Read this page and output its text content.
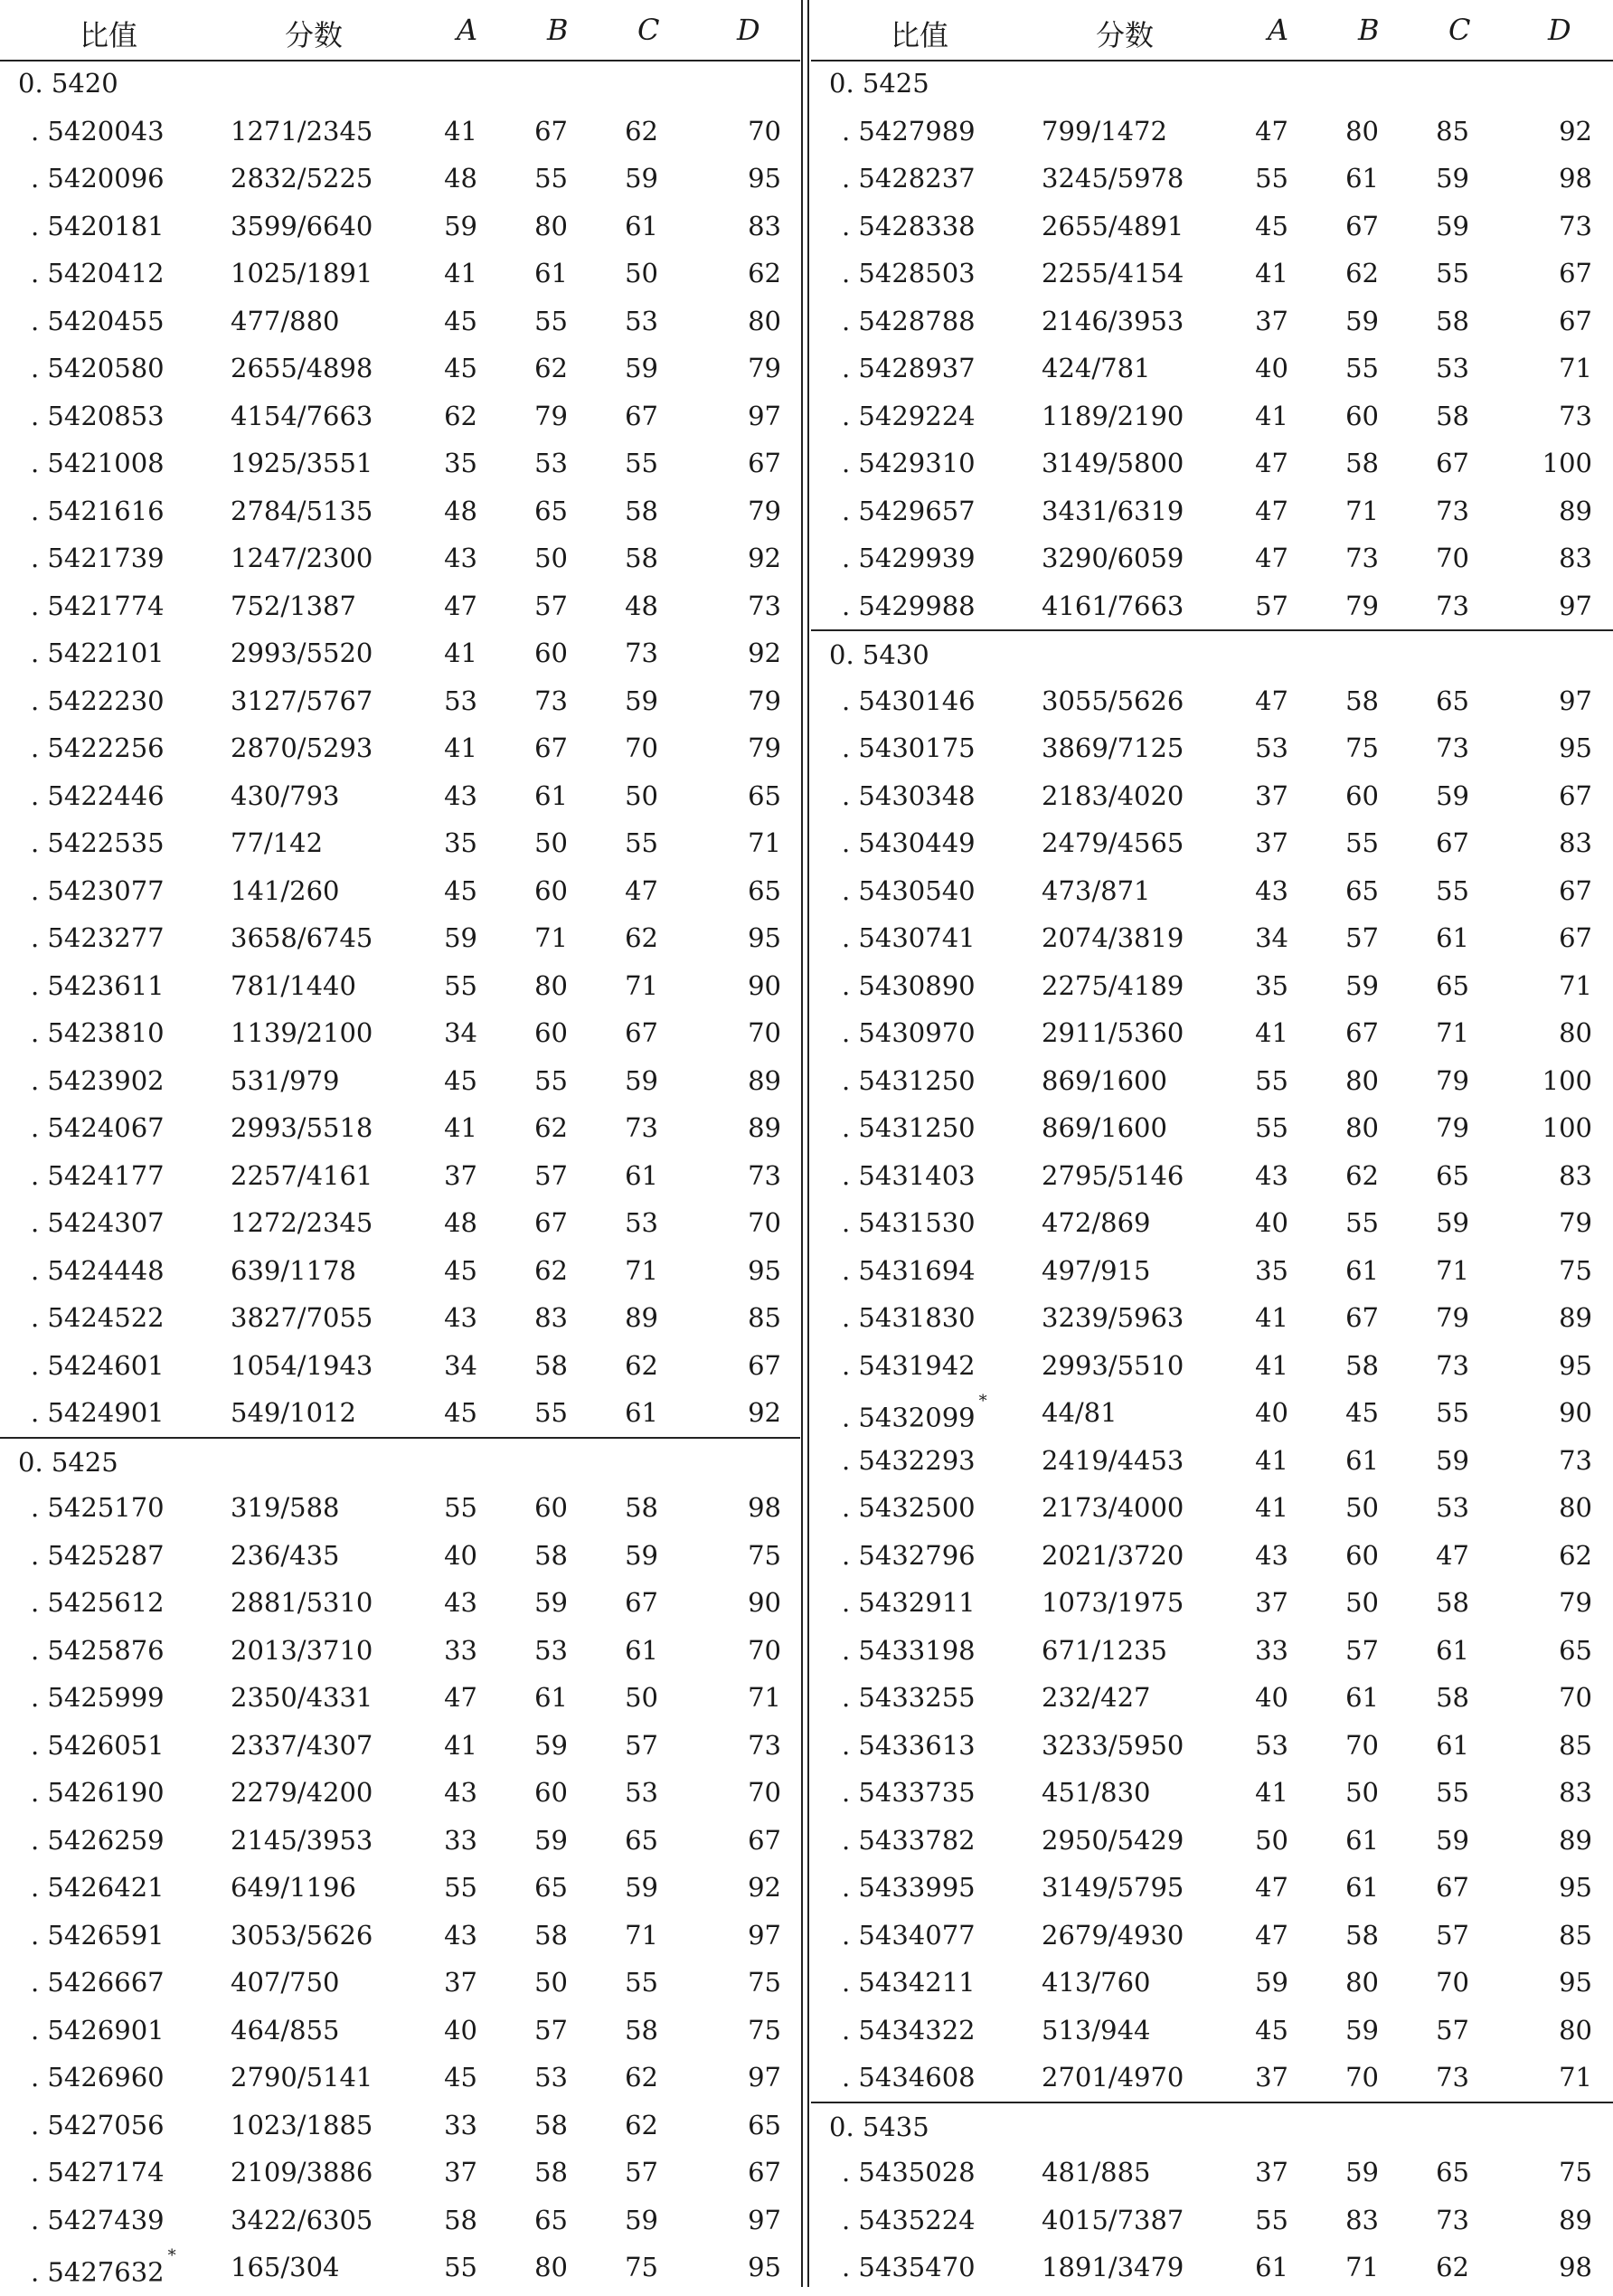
比值	分数	A B C	D
0. 5420
. 5420043	1271/2345	41	67	62	70
. 5420096	2832/5225	48	55	59	95
. 5420181	3599/6640	59	80	61	83
. 5420412	1025/1891	41	61	50	62
. 5420455	477/880	45	55	53	80
. 5420580	2655/4898	45	62	59	79
. 5420853	4154/7663	62	79	67	97
. 5421008	1925/3551	35	53	55	67
. 5421616	2784/5135	48	65	58	79
. 5421739	1247/2300	43	50	58	92
. 5421774	752/1387	47	57	48	73
. 5422101	2993/5520	41	60	73	92
. 5422230	3127/5767	53	73	59	79
. 5422256	2870/5293	41	67	70	79
. 5422446	430/793	43	61	50	65
. 5422535	77/142	35	50	55	71
. 5423077	141/260	45	60	47	65
. 5423277	3658/6745	59	71	62	95
. 5423611	781/1440	55	80	71	90
. 5423810	1139/2100	34	60	67	70
. 5423902	531/979	45	55	59	89
. 5424067	2993/5518	41	62	73	89
. 5424177	2257/4161	37	57	61	73
. 5424307	1272/2345	48	67	53	70
. 5424448	639/1178	45	62	71	95
. 5424522	3827/7055	43	83	89	85
. 5424601	1054/1943	34	58	62	67
. 5424901	549/1012	45	55	61	92
0. 5425
. 5425170	319/588	55	60	58	98
. 5425287	236/435	40	58	59	75
. 5425612	2881/5310	43	59	67	90
. 5425876	2013/3710	33	53	61	70
. 5425999	2350/4331	47	61	50	71
. 5426051	2337/4307	41	59	57	73
. 5426190	2279/4200	43	60	53	70
. 5426259	2145/3953	33	59	65	67
. 5426421	649/1196	55	65	59	92
. 5426591	3053/5626	43	58	71	97
. 5426667	407/750	37	50	55	75
. 5426901	464/855	40	57	58	75
. 5426960	2790/5141	45	53	62	97
. 5427056	1023/1885	33	58	62	65
. 5427174	2109/3886	37	58	57	67
. 5427439	3422/6305	58	65	59	97
. 5427632*	165/304	55	80	75	95
比值	分数	A B C	D
0. 5425
. 5427989	799/1472	47	80	85	92
. 5428237	3245/5978	55	61	59	98
. 5428338	2655/4891	45	67	59	73
. 5428503	2255/4154	41	62	55	67
. 5428788	2146/3953	37	59	58	67
. 5428937	424/781	40	55	53	71
. 5429224	1189/2190	41	60	58	73
. 5429310	3149/5800	47	58	67	100
. 5429657	3431/6319	47	71	73	89
. 5429939	3290/6059	47	73	70	83
. 5429988	4161/7663	57	79	73	97
0. 5430
. 5430146	3055/5626	47	58	65	97
. 5430175	3869/7125	53	75	73	95
. 5430348	2183/4020	37	60	59	67
. 5430449	2479/4565	37	55	67	83
. 5430540	473/871	43	65	55	67
. 5430741	2074/3819	34	57	61	67
. 5430890	2275/4189	35	59	65	71
. 5430970	2911/5360	41	67	71	80
. 5431250	869/1600	55	80	79	100
. 5431250	869/1600	55	80	79	100
. 5431403	2795/5146	43	62	65	83
. 5431530	472/869	40	55	59	79
. 5431694	497/915	35	61	71	75
. 5431830	3239/5963	41	67	79	89
. 5431942	2993/5510	41	58	73	95
. 5432099*	44/81	40	45	55	90
. 5432293	2419/4453	41	61	59	73
. 5432500	2173/4000	41	50	53	80
. 5432796	2021/3720	43	60	47	62
. 5432911	1073/1975	37	50	58	79
. 5433198	671/1235	33	57	61	65
. 5433255	232/427	40	61	58	70
. 5433613	3233/5950	53	70	61	85
. 5433735	451/830	41	50	55	83
. 5433782	2950/5429	50	61	59	89
. 5433995	3149/5795	47	61	67	95
. 5434077	2679/4930	47	58	57	85
. 5434211	413/760	59	80	70	95
. 5434322	513/944	45	59	57	80
. 5434608	2701/4970	37	70	73	71
0. 5435
. 5435028	481/885	37	59	65	75
. 5435224	4015/7387	55	83	73	89
. 5435470	1891/3479	61	71	62	98
